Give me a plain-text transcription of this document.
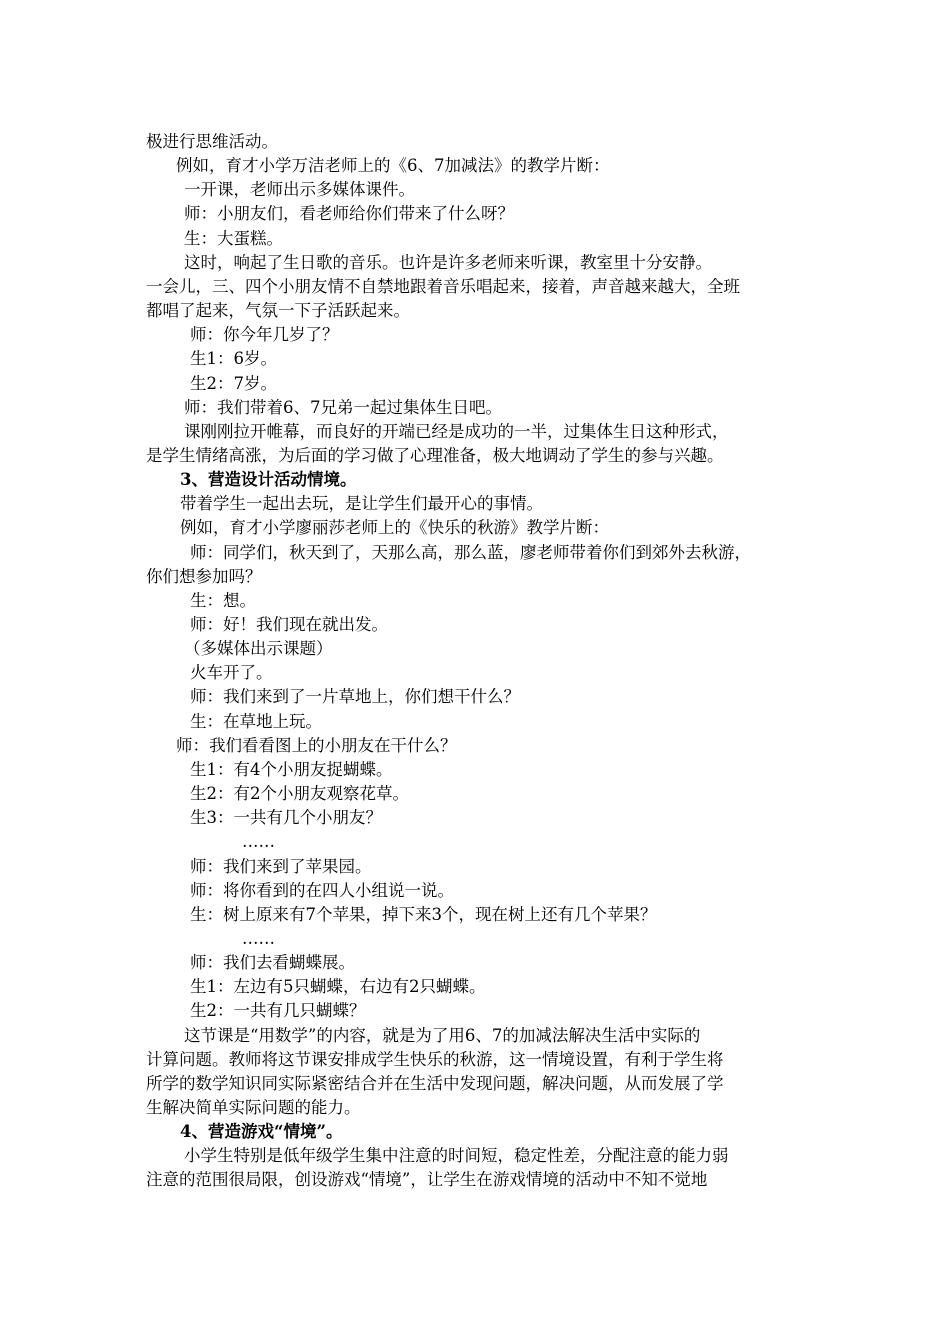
极进行思维活动。
例如，育才小学万洁老师上的《6、7加减法》的教学片断：
一开课，老师出示多媒体课件。
师：小朋友们，看老师给你们带来了什么呀？
生：大蛋糕。
这时，响起了生日歌的音乐。也许是许多老师来听课，教室里十分安静。
一会儿，三、四个小朋友情不自禁地跟着音乐唱起来，接着，声音越来越大，全班
都唱了起来，气氛一下子活跃起来。
师：你今年几岁了？
生1：6岁。
生2：7岁。
师：我们带着6、7兄弟一起过集体生日吧。
课刚刚拉开帷幕，而良好的开端已经是成功的一半，过集体生日这种形式，
是学生情绪高涨，为后面的学习做了心理准备，极大地调动了学生的参与兴趣。
3、营造设计活动情境。
带着学生一起出去玩，是让学生们最开心的事情。
例如，育才小学廖丽莎老师上的《快乐的秋游》教学片断：
师：同学们，秋天到了，天那么高，那么蓝，廖老师带着你们到郊外去秋游，
你们想参加吗？
生：想。
师：好！我们现在就出发。
（多媒体出示课题）
火车开了。
师：我们来到了一片草地上，你们想干什么？
生：在草地上玩。
师：我们看看图上的小朋友在干什么？
生1：有4个小朋友捉蝴蝶。
生2：有2个小朋友观察花草。
生3：一共有几个小朋友？
……
师：我们来到了苹果园。
师：将你看到的在四人小组说一说。
生：树上原来有7个苹果，掉下来3个，现在树上还有几个苹果？
……
师：我们去看蝴蝶展。
生1：左边有5只蝴蝶，右边有2只蝴蝶。
生2：一共有几只蝴蝶？
这节课是“用数学”的内容，就是为了用6、7的加减法解决生活中实际的
计算问题。教师将这节课安排成学生快乐的秋游，这一情境设置，有利于学生将
所学的数学知识同实际紧密结合并在生活中发现问题，解决问题，从而发展了学
生解决简单实际问题的能力。
4、营造游戏“情境”。
小学生特别是低年级学生集中注意的时间短，稳定性差，分配注意的能力弱
注意的范围很局限，创设游戏“情境”，让学生在游戏情境的活动中不知不觉地
